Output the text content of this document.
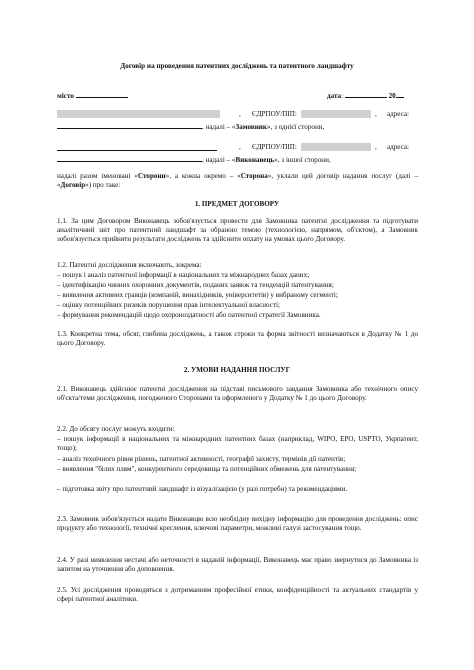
Договір на проведення патентних досліджень та патентного ландшафту
місто	дата:	20
, ЄДРПОУ/ПІП:	, адреса:
, надалі – «Замовник», з однієї сторони,
, ЄДРПОУ/ПІП:	, адреса:
, надалі – «Виконавець», з іншої сторони,
надалі разом іменовані «Сторони», а кожна окремо – «Сторона», уклали цей договір надання послуг (далі – «Договір») про таке:
1. ПРЕДМЕТ ДОГОВОРУ
1.1. За цим Договором Виконавець зобов'язується провести для Замовника патентні дослідження та підготувати аналітичний звіт про патентний ландшафт за обраною темою (технологією, напрямом, об'єктом), а Замовник зобов'язується прийняти результати досліджень та здійснити оплату на умовах цього Договору.
1.2. Патентні дослідження включають, зокрема:
– пошук і аналіз патентної інформації в національних та міжнародних базах даних;
– ідентифікацію чинних охоронних документів, поданих заявок та тенденцій патентування;
– виявлення активних гравців (компаній, винахідників, університетів) у вибраному сегменті;
– оцінку потенційних ризиків порушення прав інтелектуальної власності;
– формування рекомендацій щодо охороноздатності або патентної стратегії Замовника.
1.3. Конкретна тема, обсяг, глибина досліджень, а також строки та форма звітності визначаються в Додатку № 1 до цього Договору.
2. УМОВИ НАДАННЯ ПОСЛУГ
2.1. Виконавець здійснює патентні дослідження на підставі письмового завдання Замовника або технічного опису об'єкта/теми дослідження, погодженого Сторонами та оформленого у Додатку № 1 до цього Договору.
2.2. До обсягу послуг можуть входити:
– пошук інформації в національних та міжнародних патентних базах (наприклад, WIPO, EPO, USPTO, Укрпатент, тощо);
– аналіз технічного рівня рішень, патентної активності, географії захисту, термінів дії патентів;
– виявлення "білих плям", конкурентного середовища та потенційних обмежень для патентування;
– підготовка звіту про патентний ландшафт із візуалізацією (у разі потреби) та рекомендаціями.
2.3. Замовник зобов'язується надати Виконавцю всю необхідну вихідну інформацію для проведення досліджень: опис продукту або технології, технічні креслення, ключові параметри, можливі галузі застосування тощо.
2.4. У разі виявлення нестачі або неточності в наданій інформації, Виконавець має право звернутися до Замовника із запитом на уточнення або доповнення.
2.5. Усі дослідження проводяться з дотриманням професійної етики, конфіденційності та актуальних стандартів у сфері патентної аналітики.
